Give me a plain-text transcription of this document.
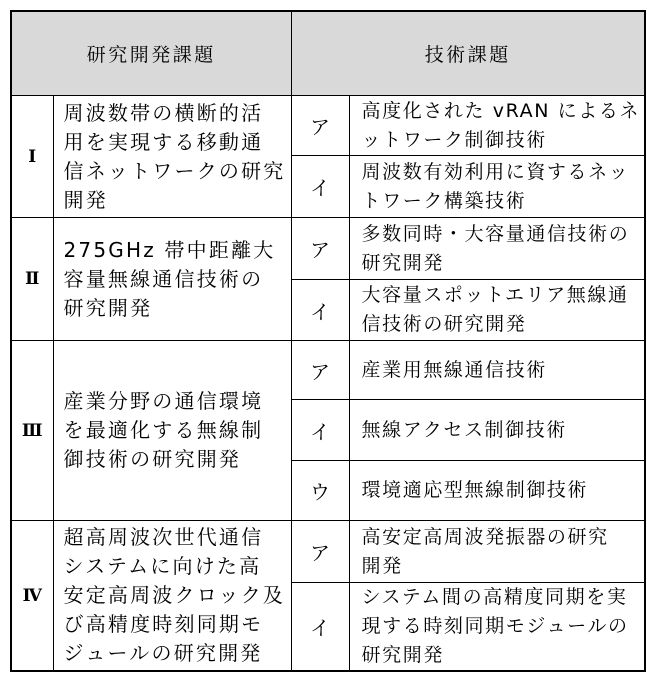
研究開発課題		技術課題	
Ⅰ	周波数帯の横断的活
用を実現する移動通
信ネットワークの研究
開発	ア	高度化された vRAN によるネ
ットワーク制御技術
		イ	周波数有効利用に資するネッ
トワーク構築技術
Ⅱ	275GHz 帯中距離大
容量無線通信技術の
研究開発	ア	多数同時・大容量通信技術の
研究開発
		イ	大容量スポットエリア無線通
信技術の研究開発
Ⅲ	産業分野の通信環境
を最適化する無線制
御技術の研究開発	ア	産業用無線通信技術
		イ	無線アクセス制御技術
		ウ	環境適応型無線制御技術
Ⅳ	超高周波次世代通信
システムに向けた高
安定高周波クロック及
び高精度時刻同期モ
ジュールの研究開発	ア	高安定高周波発振器の研究
開発
		イ	システム間の高精度同期を実
現する時刻同期モジュールの
研究開発
